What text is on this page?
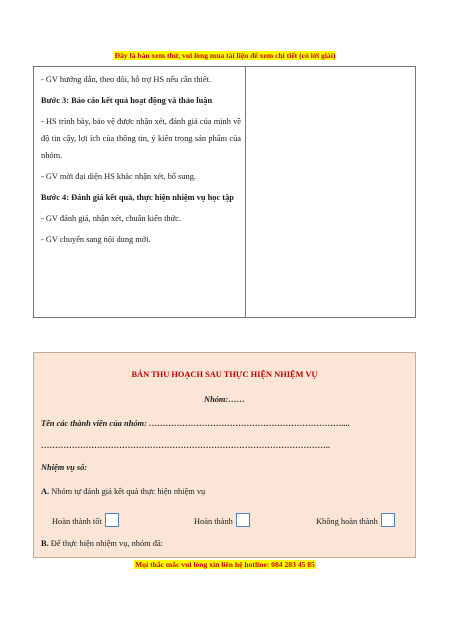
Đây là bản xem thử, vui lòng mua tài liệu để xem chi tiết (có lời giải)

- GV hướng dẫn, theo dõi, hỗ trợ HS nếu cần thiết.

Bước 3: Báo cáo kết quả hoạt động và thảo luận

- HS trình bày, báo vệ được nhận xét, đánh giá của mình về độ tin cậy, lợi ích của thông tin, ý kiến trong sản phẩm của nhóm.

- GV mời đại diện HS khác nhận xét, bổ sung.

Bước 4: Đánh giá kết quả, thực hiện nhiệm vụ học tập

- GV đánh giá, nhận xét, chuẩn kiến thức.

- GV chuyển sang nội dung mới.

BẢN THU HOẠCH SAU THỰC HIỆN NHIỆM VỤ
Nhóm:……
Tên các thành viên của nhóm: ……………………………………………………………....
…………………………………………………………………………………………..
Nhiệm vụ số:
A. Nhóm tự đánh giá kết quả thực hiện nhiệm vụ
Hoàn thành tốt	Hoàn thành	Không hoàn thành
B. Để thực hiện nhiệm vụ, nhóm đã:
Mọi thắc mắc vui lòng xin liên hệ hotline: 084 283 45 85
